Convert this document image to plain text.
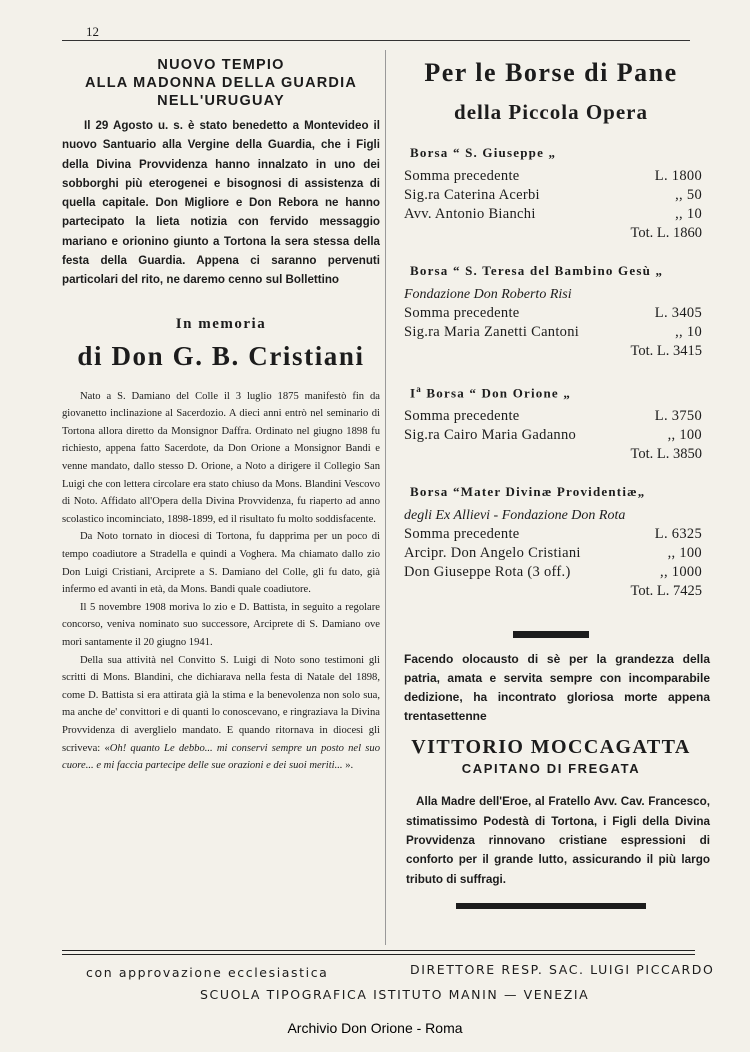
12
NUOVO TEMPIO
ALLA MADONNA DELLA GUARDIA
NELL'URUGUAY

Il 29 Agosto u. s. è stato benedetto a Montevideo il nuovo Santuario alla Vergine della Guardia, che i Figli della Divina Provvidenza hanno innalzato in uno dei sobborghi più eterogenei e bisognosi di assistenza di quella capitale. Don Migliore e Don Rebora ne hanno partecipato la lieta notizia con fervido messaggio mariano e orionino giunto a Tortona la sera stessa della festa della Guardia. Appena ci saranno pervenuti particolari del rito, ne daremo cenno sul Bollettino

In memoria
di Don G. B. Cristiani

Nato a S. Damiano del Colle il 3 luglio 1875 manifestò fin da giovanetto inclinazione al Sacerdozio. A dieci anni entrò nel seminario di Tortona allora diretto da Monsignor Daffra. Ordinato nel giugno 1898 fu richiesto, appena fatto Sacerdote, da Don Orione a Monsignor Bandi e venne mandato, dallo stesso D. Orione, a Noto a dirigere il Collegio San Luigi che con lettera circolare era stato chiuso da Mons. Blandini Vescovo di Noto. Affidato all'Opera della Divina Provvidenza, fu riaperto ad anno scolastico incominciato, 1898-1899, ed il risultato fu molto soddisfacente.

Da Noto tornato in diocesi di Tortona, fu dapprima per un poco di tempo coadiutore a Stradella e quindi a Voghera. Ma chiamato dallo zio Don Luigi Cristiani, Arciprete a S. Damiano del Colle, gli fu dato, già infermo ed avanti in età, da Mons. Bandi quale coadiutore.

Il 5 novembre 1908 moriva lo zio e D. Battista, in seguito a regolare concorso, veniva nominato suo successore, Arciprete di S. Damiano ove morì santamente il 20 giugno 1941.

Della sua attività nel Convitto S. Luigi di Noto sono testimoni gli scritti di Mons. Blandini, che dichiarava nella festa di Natale del 1898, come D. Battista si era attirata già la stima e la benevolenza non solo sua, ma anche de' convittori e di quanti lo conoscevano, e ringraziava la Divina Provvidenza di averglielo mandato. E quando ritornava in diocesi gli scriveva: «Oh! quanto Le debbo... mi conservi sempre un posto nel suo cuore... e mi faccia partecipe delle sue orazioni e dei suoi meriti... ».

Per le Borse di Pane
della Piccola Opera
Borsa “ S. Giuseppe „
Somma precedente	L. 1800
Sig.ra Caterina Acerbi	,, 50
Avv. Antonio Bianchi	,, 10
Tot. L. 1860
Borsa “ S. Teresa del Bambino Gesù „
Fondazione Don Roberto Risi
Somma precedente	L. 3405
Sig.ra Maria Zanetti Cantoni	,, 10
Tot. L. 3415
$I^a$ Borsa “ Don Orione „
Somma precedente	L. 3750
Sig.ra Cairo Maria Gadanno	,, 100
Tot. L. 3850
Borsa “Mater Divinæ Providentiæ„
degli Ex Allievi - Fondazione Don Rota
Somma precedente	L. 6325
Arcipr. Don Angelo Cristiani	,, 100
Don Giuseppe Rota (3 off.)	,, 1000
Tot. L. 7425

Facendo olocausto di sè per la grandezza della patria, amata e servita sempre con incomparabile dedizione, ha incontrato gloriosa morte appena trentasettenne

VITTORIO MOCCAGATTA
CAPITANO DI FREGATA

Alla Madre dell'Eroe, al Fratello Avv. Cav. Francesco, stimatissimo Podestà di Tortona, i Figli della Divina Provvidenza rinnovano cristiane espressioni di conforto per il grande lutto, assicurando il più largo tributo di suffragi.

con approvazione ecclesiastica	DIRETTORE RESP. SAC. LUIGI PICCARDO
SCUOLA TIPOGRAFICA ISTITUTO MANIN — VENEZIA
Archivio Don Orione - Roma
